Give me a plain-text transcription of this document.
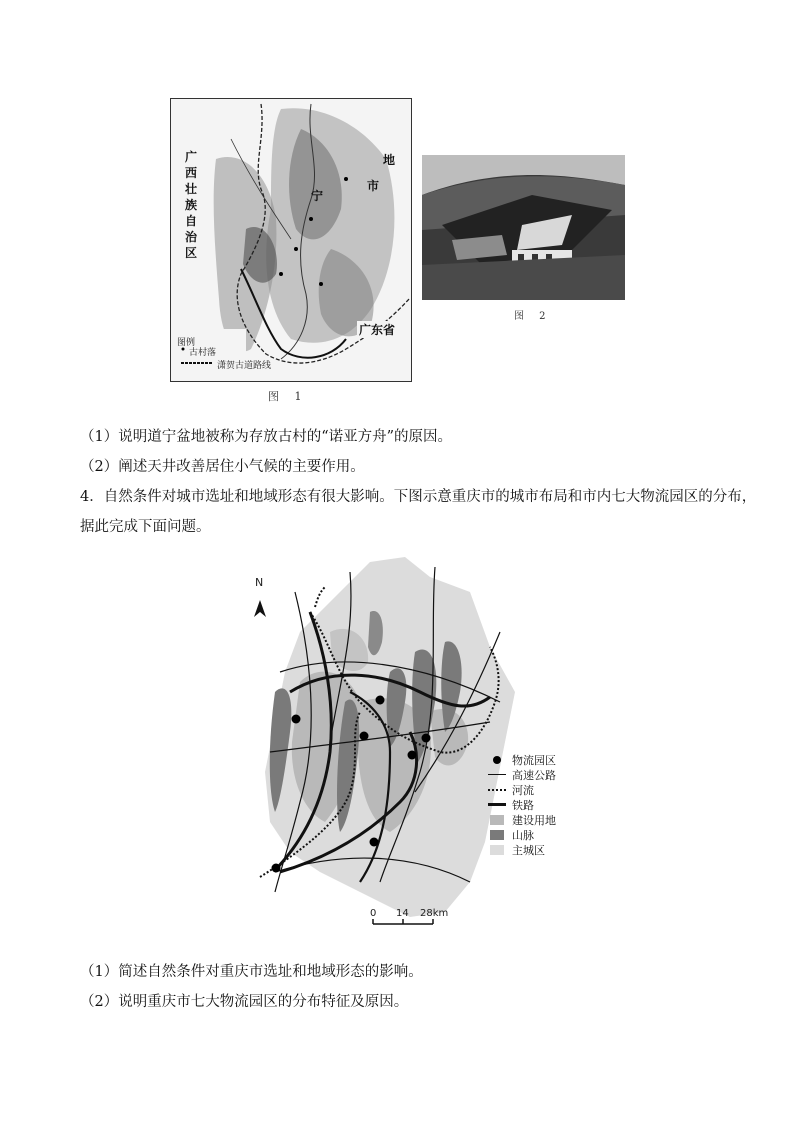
广
西
壮
族
自
治
区
地
市
宁
广东省
图例
古村落
潇贺古道路线
图 1
图 2
（1）说明道宁盆地被称为存放古村的“诺亚方舟”的原因。
（2）阐述天井改善居住小气候的主要作用。
4．自然条件对城市选址和地域形态有很大影响。下图示意重庆市的城市布局和市内七大物流园区的分布，
据此完成下面问题。
N
0 14 28km
物流园区
高速公路
河流
铁路
建设用地
山脉
主城区
（1）简述自然条件对重庆市选址和地域形态的影响。
（2）说明重庆市七大物流园区的分布特征及原因。
